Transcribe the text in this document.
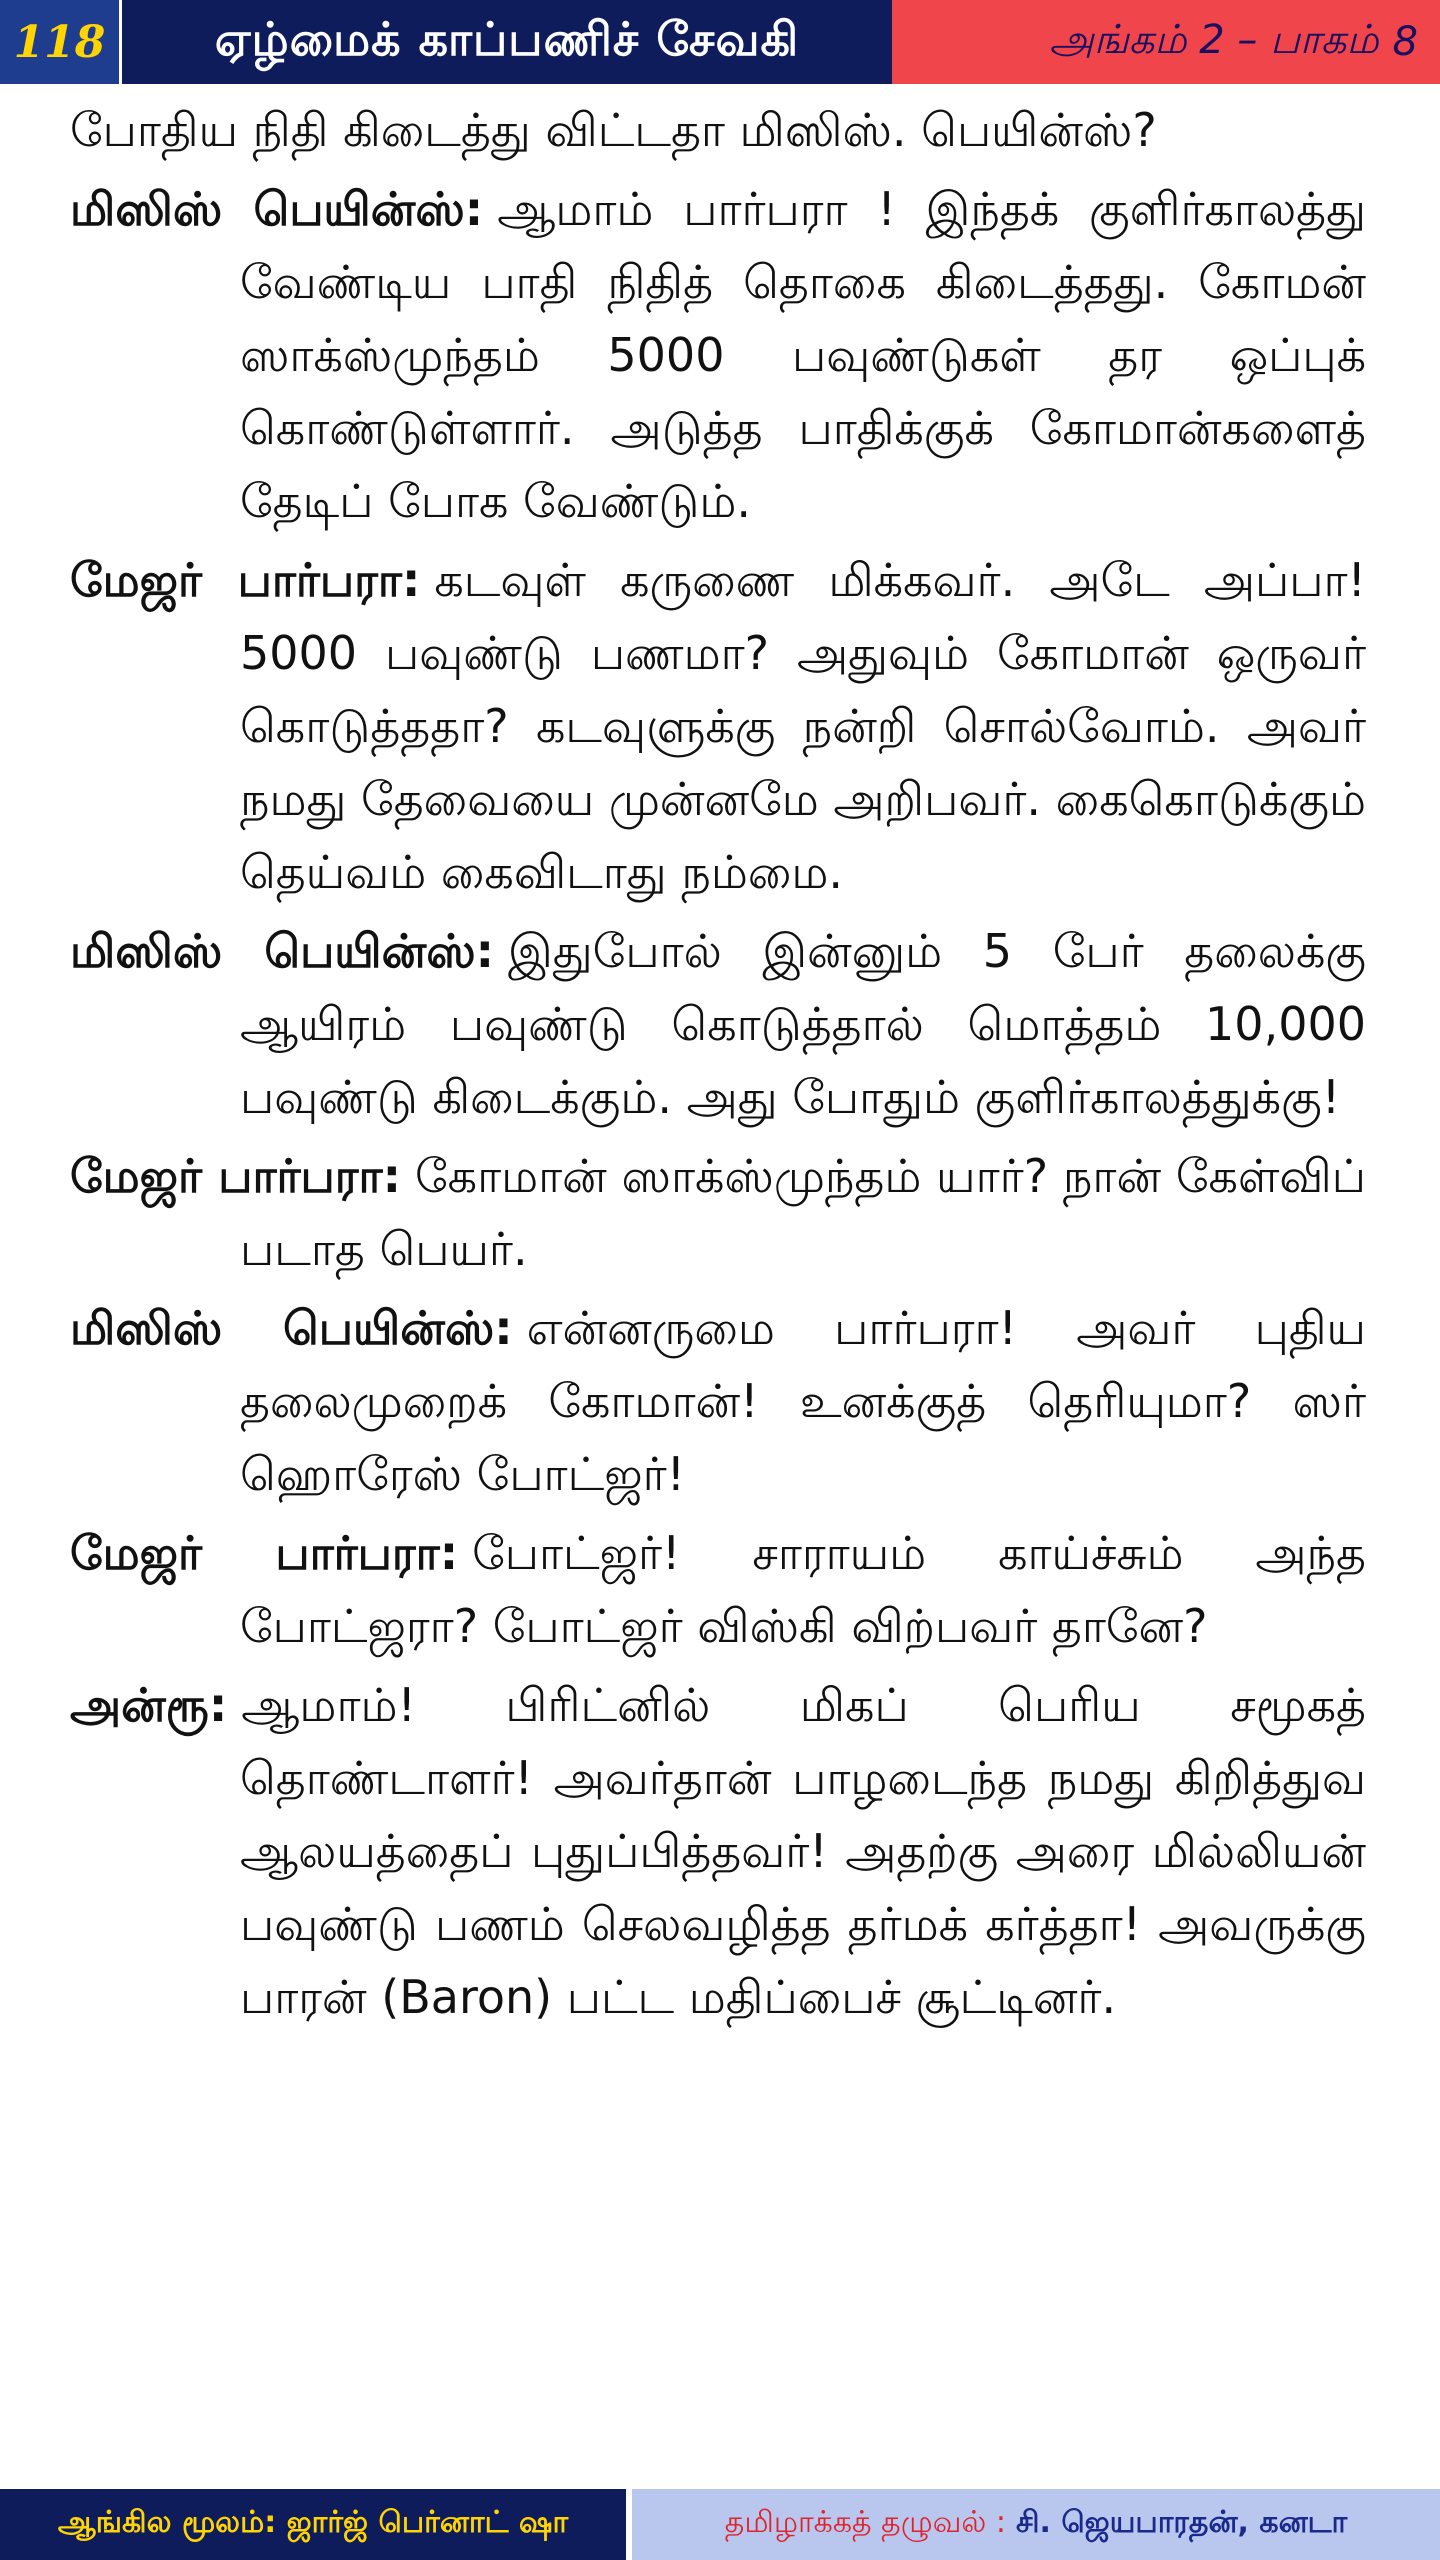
118	ஏழ்மைக் காப்பணிச் சேவகி	அங்கம் 2 – பாகம் 8

போதிய நிதி கிடைத்து விட்டதா மிஸிஸ். பெயின்ஸ்?

மிஸிஸ் பெயின்ஸ்: ஆமாம் பார்பரா ! இந்தக் குளிர்காலத்து வேண்டிய பாதி நிதித் தொகை கிடைத்தது. கோமன் ஸாக்ஸ்முந்தம் 5000 பவுண்டுகள் தர ஒப்புக் கொண்டுள்ளார். அடுத்த பாதிக்குக் கோமான்களைத் தேடிப் போக வேண்டும்.

மேஜர் பார்பரா: கடவுள் கருணை மிக்கவர். அடே அப்பா! 5000 பவுண்டு பணமா? அதுவும் கோமான் ஒருவர் கொடுத்ததா? கடவுளுக்கு நன்றி சொல்வோம். அவர் நமது தேவையை முன்னமே அறிபவர். கைகொடுக்கும் தெய்வம் கைவிடாது நம்மை.

மிஸிஸ் பெயின்ஸ்: இதுபோல் இன்னும் 5 பேர் தலைக்கு ஆயிரம் பவுண்டு கொடுத்தால் மொத்தம் 10,000 பவுண்டு கிடைக்கும். அது போதும் குளிர்காலத்துக்கு!

மேஜர் பார்பரா: கோமான் ஸாக்ஸ்முந்தம் யார்? நான் கேள்விப் படாத பெயர்.

மிஸிஸ் பெயின்ஸ்: என்னருமை பார்பரா! அவர் புதிய தலைமுறைக் கோமான்! உனக்குத் தெரியுமா? ஸர் ஹொரேஸ் போட்ஜர்!

மேஜர் பார்பரா: போட்ஜர்! சாராயம் காய்ச்சும் அந்த போட்ஜரா? போட்ஜர் விஸ்கி விற்பவர் தானே?

அன்ரூ: ஆமாம்! பிரிட்னில் மிகப் பெரிய சமூகத் தொண்டாளர்! அவர்தான் பாழடைந்த நமது கிறித்துவ ஆலயத்தைப் புதுப்பித்தவர்! அதற்கு அரை மில்லியன் பவுண்டு பணம் செலவழித்த தர்மக் கர்த்தா! அவருக்கு பாரன் (Baron) பட்ட மதிப்பைச் சூட்டினர்.

ஆங்கில மூலம்: ஜார்ஜ் பெர்னாட் ஷா	தமிழாக்கத் தழுவல் : சி. ஜெயபாரதன், கனடா
